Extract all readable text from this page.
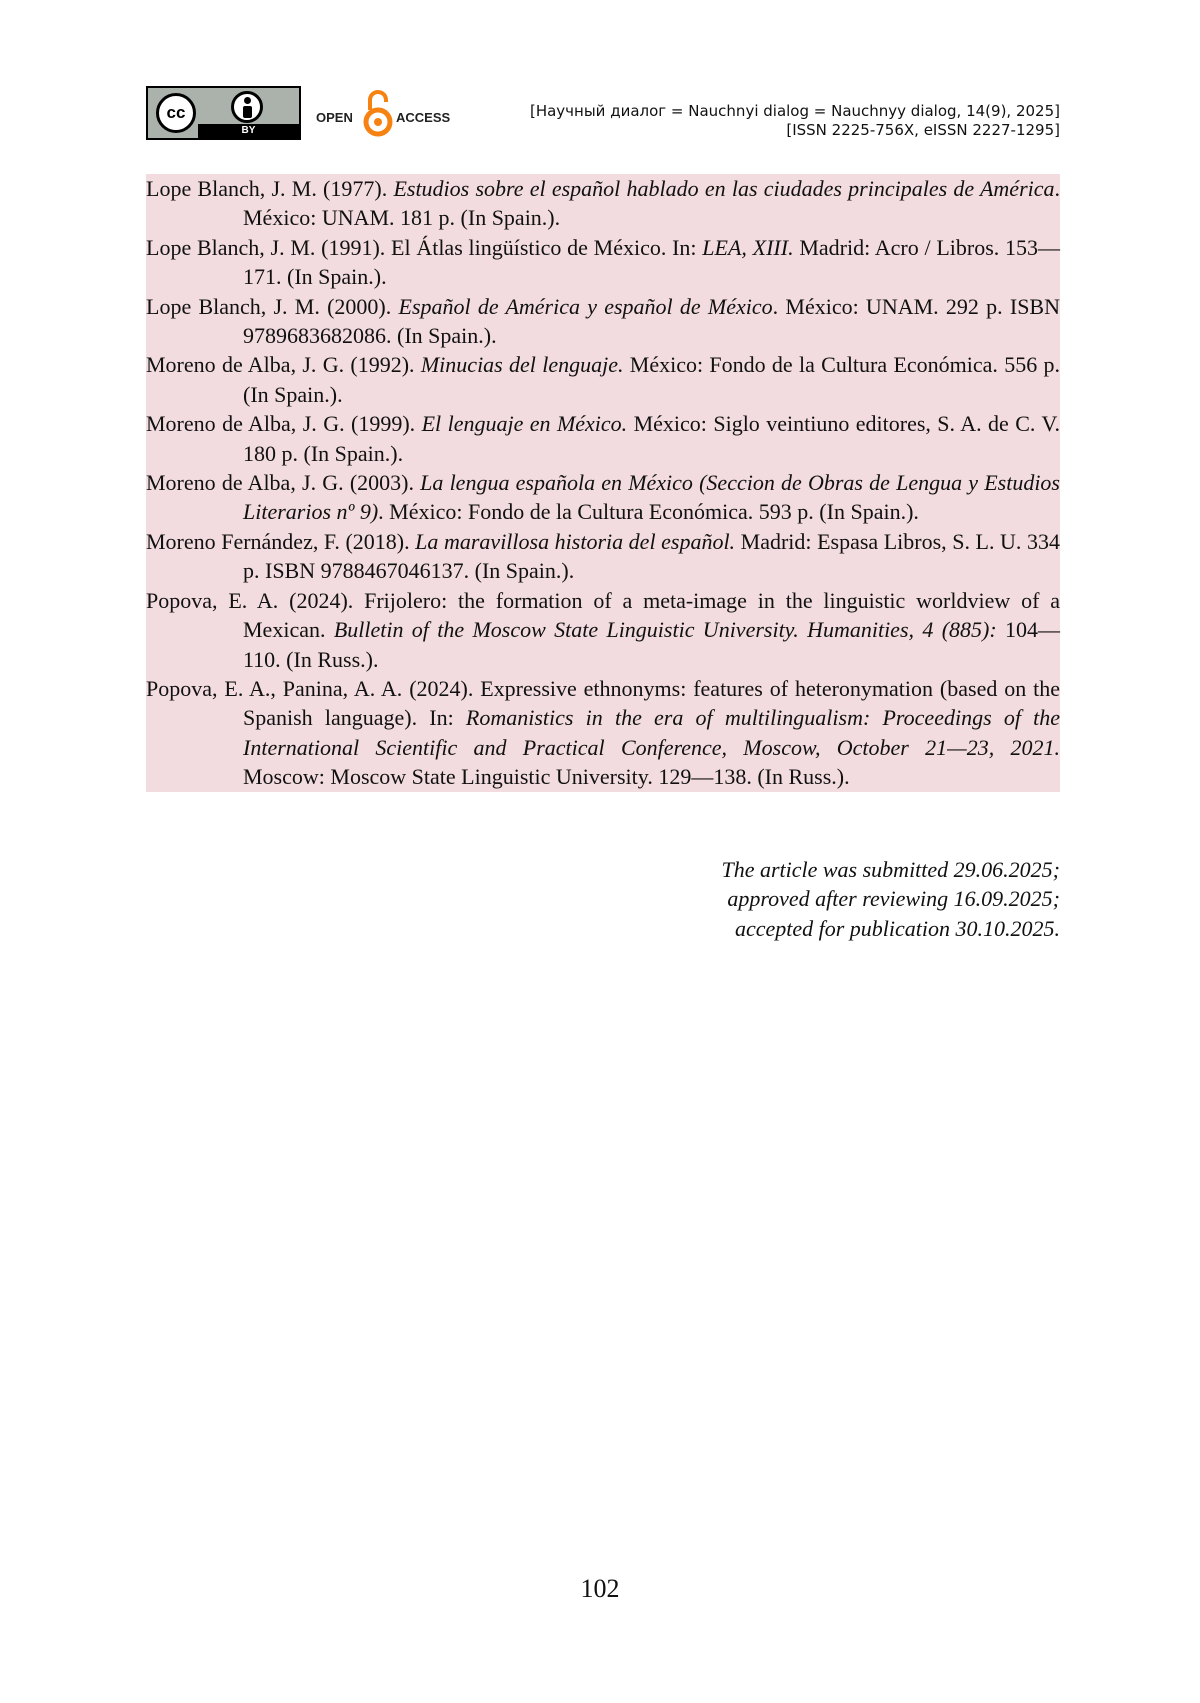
cc
BY
OPEN	ACCESS	[Научный диалог = Nauchnyi dialog = Nauchnyy dialog, 14(9), 2025]
[ISSN 2225-756X, eISSN 2227-1295]
Lope Blanch, J. M. (1977). Estudios sobre el español hablado en las ciudades principales de América. México: UNAM. 181 p. (In Spain.).
Lope Blanch, J. M. (1991). El Átlas lingüístico de México. In: LEA, XIII. Madrid: Acro / Libros. 153—171. (In Spain.).
Lope Blanch, J. M. (2000). Español de América y español de México. México: UNAM. 292 p. ISBN 9789683682086. (In Spain.).
Moreno de Alba, J. G. (1992). Minucias del lenguaje. México: Fondo de la Cultura Económica. 556 p. (In Spain.).
Moreno de Alba, J. G. (1999). El lenguaje en México. México: Siglo veintiuno editores, S. A. de C. V. 180 p. (In Spain.).
Moreno de Alba, J. G. (2003). La lengua española en México (Seccion de Obras de Lengua y Estudios Literarios nº 9). México: Fondo de la Cultura Económica. 593 p. (In Spain.).
Moreno Fernández, F. (2018). La maravillosa historia del español. Madrid: Espasa Libros, S. L. U. 334 p. ISBN 9788467046137. (In Spain.).
Popova, E. A. (2024). Frijolero: the formation of a meta-image in the linguistic worldview of a Mexican. Bulletin of the Moscow State Linguistic University. Humanities, 4 (885): 104—110. (In Russ.).
Popova, E. A., Panina, A. A. (2024). Expressive ethnonyms: features of heteronymation (based on the Spanish language). In: Romanistics in the era of multilingualism: Proceedings of the International Scientific and Practical Conference, Moscow, October 21—23, 2021. Moscow: Moscow State Linguistic University. 129—138. (In Russ.).
The article was submitted 29.06.2025;
approved after reviewing 16.09.2025;
accepted for publication 30.10.2025.
102
